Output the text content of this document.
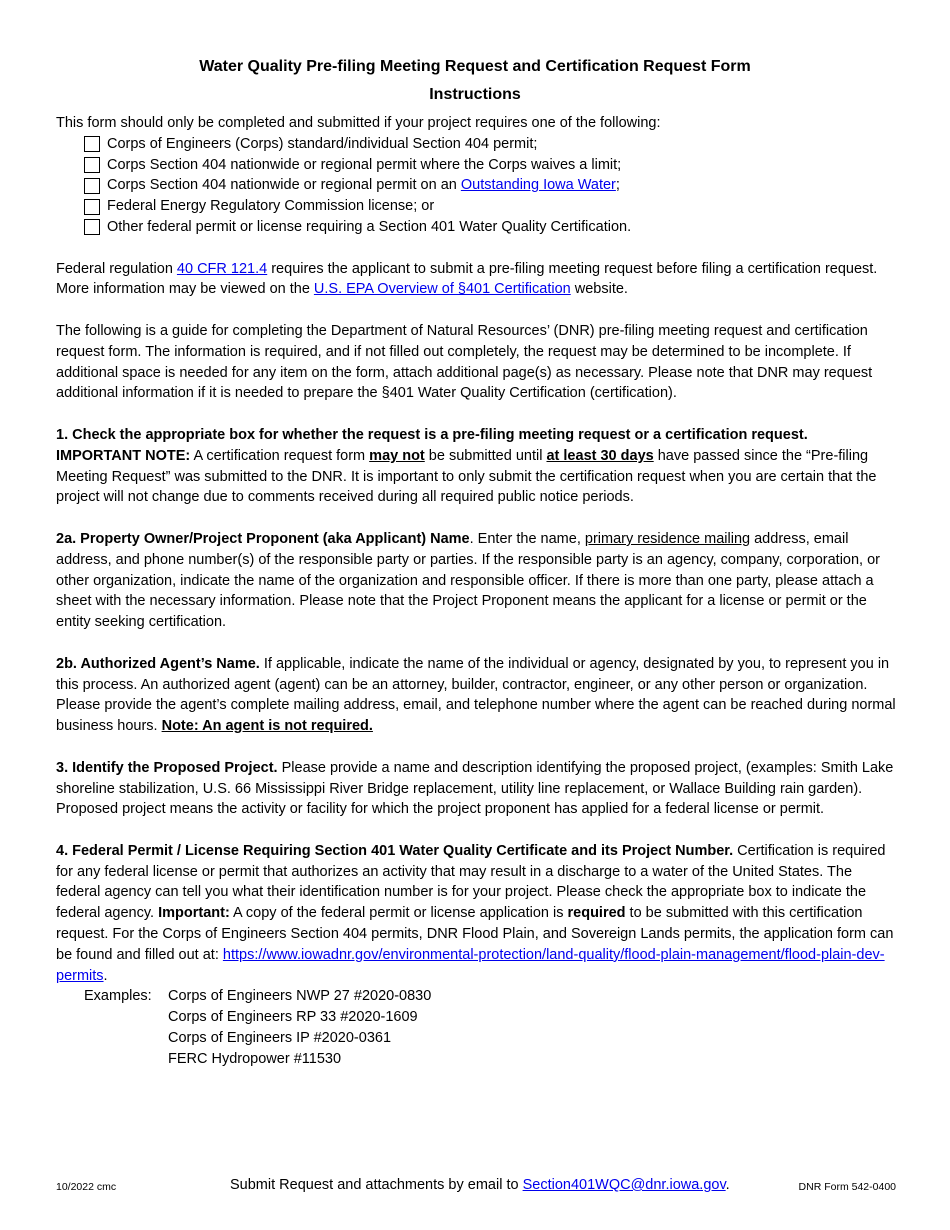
Water Quality Pre-filing Meeting Request and Certification Request Form
Instructions

This form should only be completed and submitted if your project requires one of the following:

Corps of Engineers (Corps) standard/individual Section 404 permit;
Corps Section 404 nationwide or regional permit where the Corps waives a limit;
Corps Section 404 nationwide or regional permit on an Outstanding Iowa Water;
Federal Energy Regulatory Commission license; or
Other federal permit or license requiring a Section 401 Water Quality Certification.

Federal regulation 40 CFR 121.4 requires the applicant to submit a pre-filing meeting request before filing a certification request. More information may be viewed on the U.S. EPA Overview of §401 Certification website.

The following is a guide for completing the Department of Natural Resources’ (DNR) pre-filing meeting request and certification request form. The information is required, and if not filled out completely, the request may be determined to be incomplete. If additional space is needed for any item on the form, attach additional page(s) as necessary. Please note that DNR may request additional information if it is needed to prepare the §401 Water Quality Certification (certification).

1. Check the appropriate box for whether the request is a pre-filing meeting request or a certification request.

IMPORTANT NOTE: A certification request form may not be submitted until at least 30 days have passed since the “Pre-filing Meeting Request” was submitted to the DNR. It is important to only submit the certification request when you are certain that the project will not change due to comments received during all required public notice periods.

2a. Property Owner/Project Proponent (aka Applicant) Name. Enter the name, primary residence mailing address, email address, and phone number(s) of the responsible party or parties. If the responsible party is an agency, company, corporation, or other organization, indicate the name of the organization and responsible officer. If there is more than one party, please attach a sheet with the necessary information. Please note that the Project Proponent means the applicant for a license or permit or the entity seeking certification.

2b. Authorized Agent’s Name. If applicable, indicate the name of the individual or agency, designated by you, to represent you in this process. An authorized agent (agent) can be an attorney, builder, contractor, engineer, or any other person or organization. Please provide the agent’s complete mailing address, email, and telephone number where the agent can be reached during normal business hours. Note: An agent is not required.

3. Identify the Proposed Project. Please provide a name and description identifying the proposed project, (examples: Smith Lake shoreline stabilization, U.S. 66 Mississippi River Bridge replacement, utility line replacement, or Wallace Building rain garden). Proposed project means the activity or facility for which the project proponent has applied for a federal license or permit.

4. Federal Permit / License Requiring Section 401 Water Quality Certificate and its Project Number. Certification is required for any federal license or permit that authorizes an activity that may result in a discharge to a water of the United States. The federal agency can tell you what their identification number is for your project. Please check the appropriate box to indicate the federal agency. Important: A copy of the federal permit or license application is required to be submitted with this certification request. For the Corps of Engineers Section 404 permits, DNR Flood Plain, and Sovereign Lands permits, the application form can be found and filled out at: https://www.iowadnr.gov/environmental-protection/land-quality/flood-plain-management/flood-plain-dev-permits.

Examples:	Corps of Engineers NWP 27 #2020-0830
Corps of Engineers RP 33 #2020-1609
Corps of Engineers IP #2020-0361
FERC Hydropower #11530
10/2022 cmc	Submit Request and attachments by email to Section401WQC@dnr.iowa.gov.	DNR Form 542-0400
